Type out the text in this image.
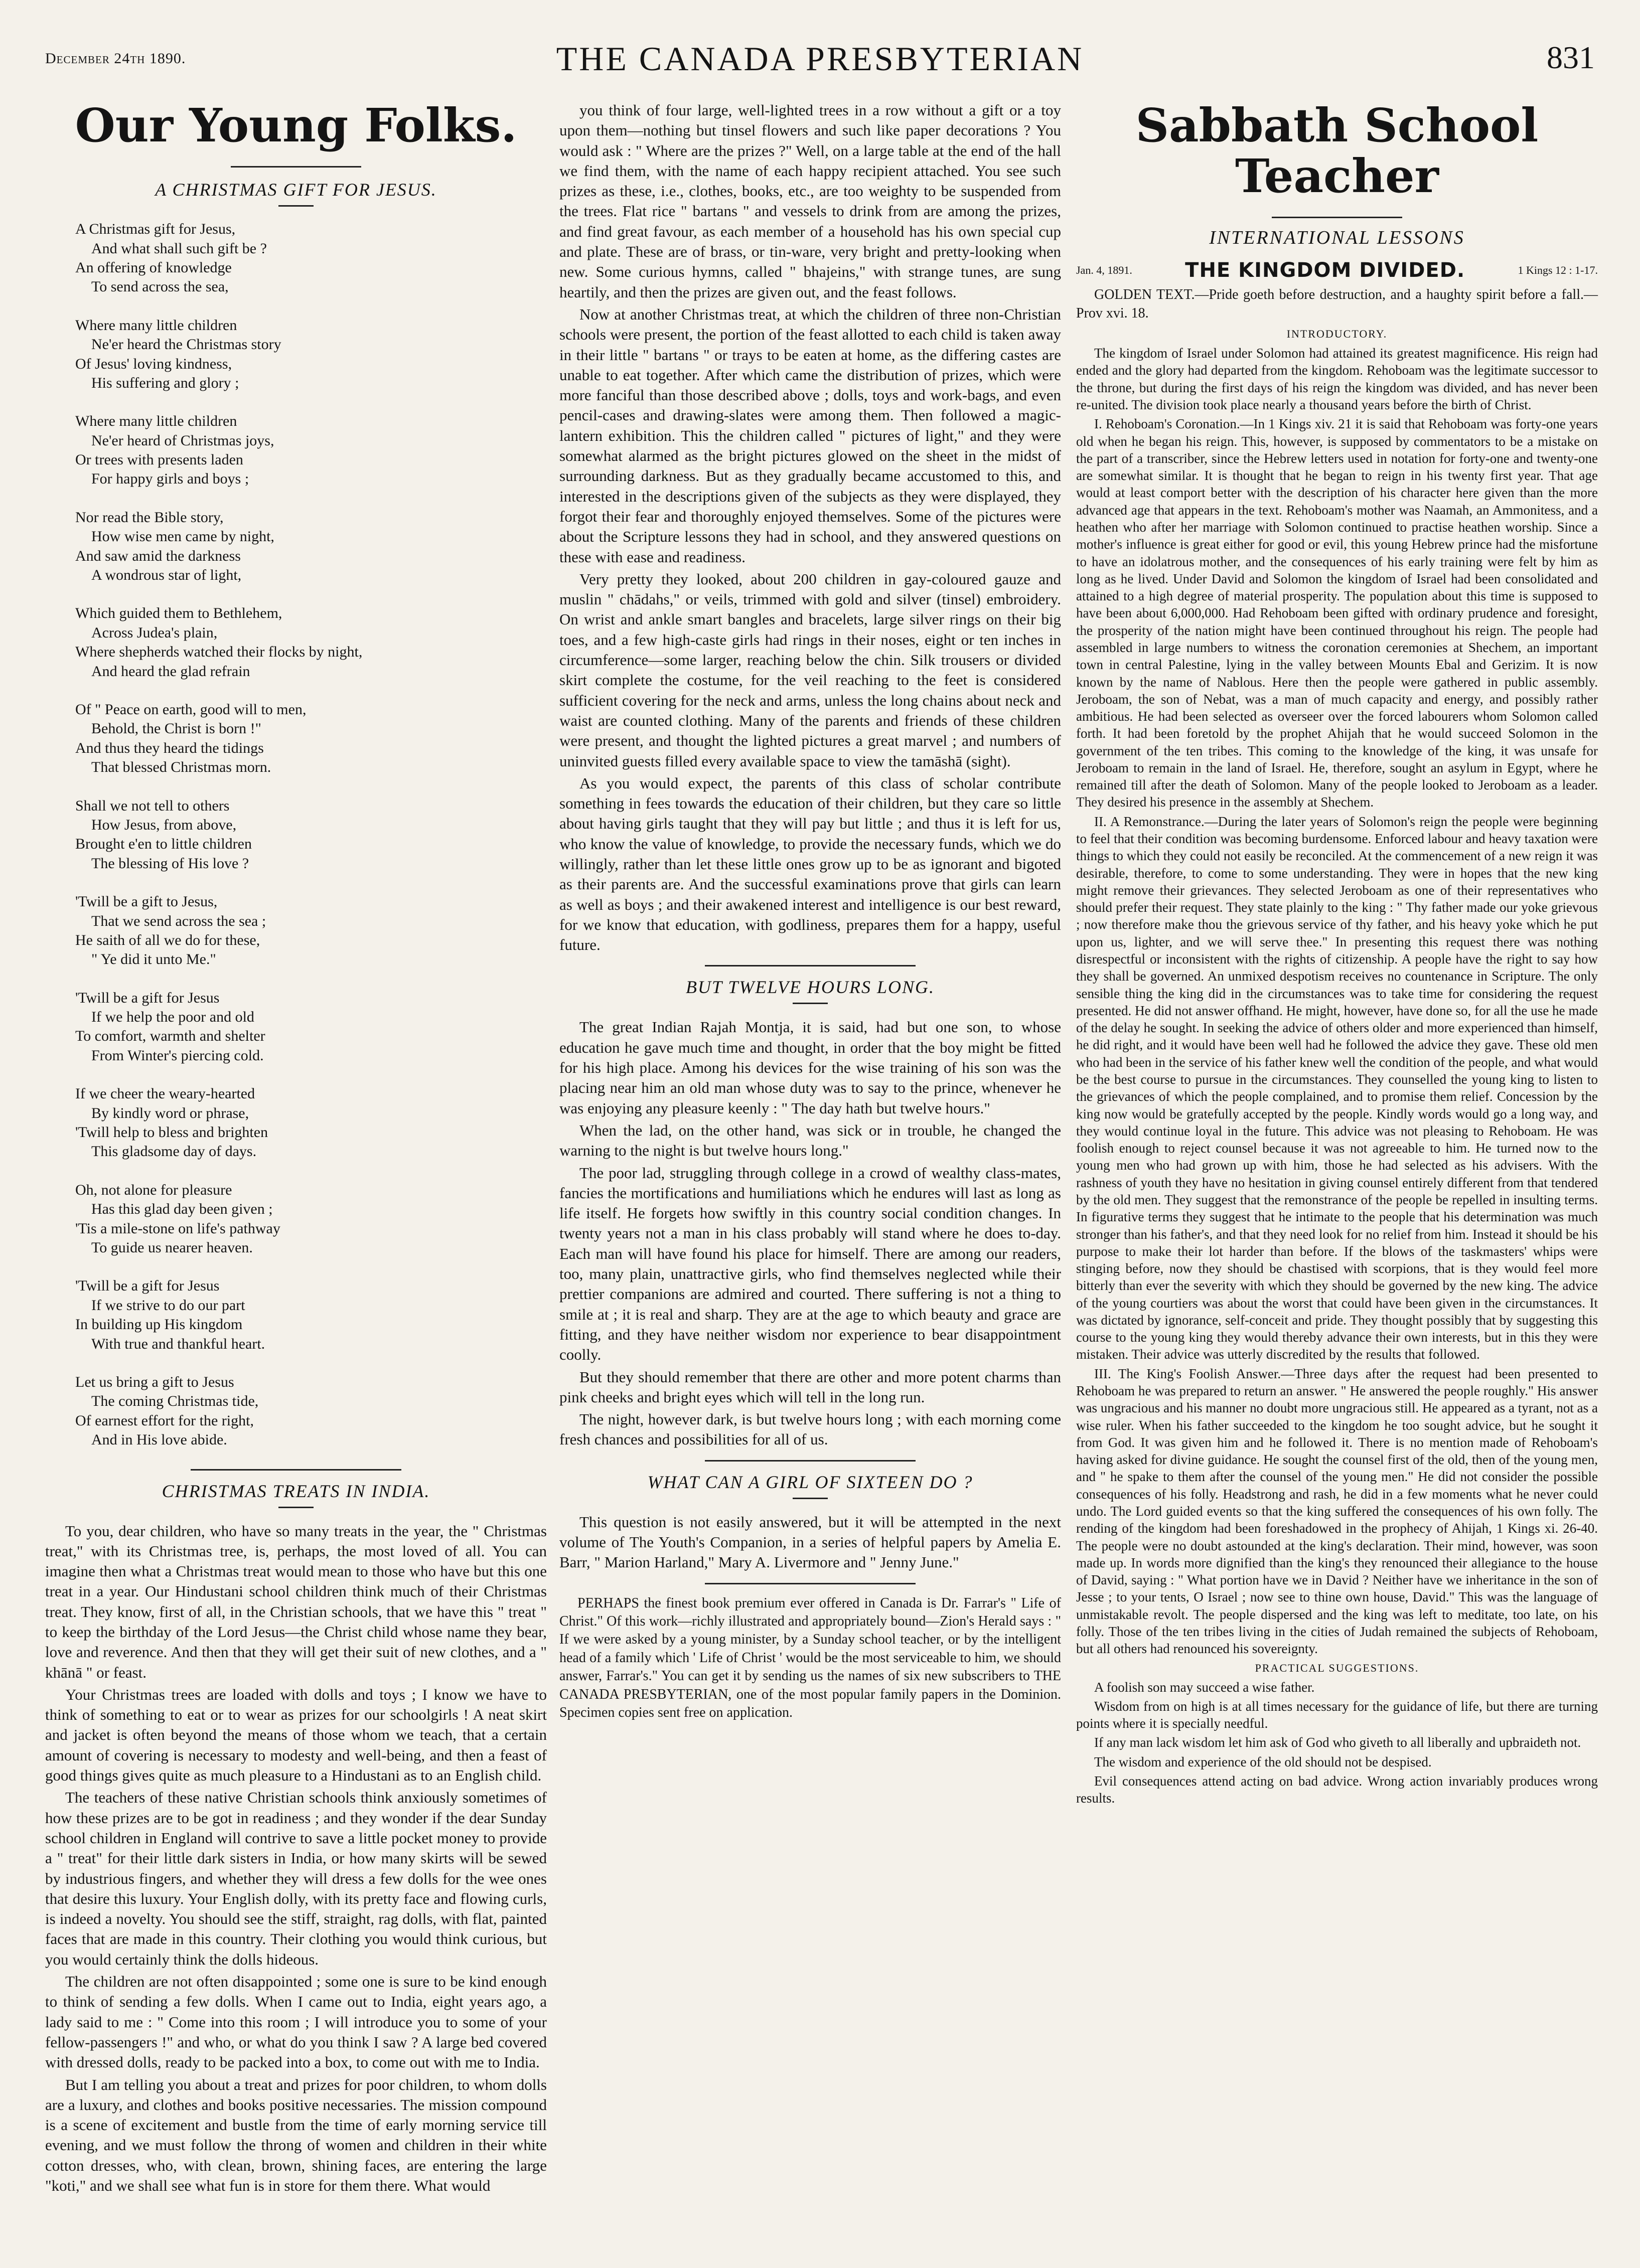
December 24th 1890.	THE CANADA PRESBYTERIAN	831
Our Young Folks.
A CHRISTMAS GIFT FOR JESUS.
A Christmas gift for Jesus,
And what shall such gift be ?
An offering of knowledge
To send across the sea,
Where many little children
Ne'er heard the Christmas story
Of Jesus' loving kindness,
His suffering and glory ;
Where many little children
Ne'er heard of Christmas joys,
Or trees with presents laden
For happy girls and boys ;
Nor read the Bible story,
How wise men came by night,
And saw amid the darkness
A wondrous star of light,
Which guided them to Bethlehem,
Across Judea's plain,
Where shepherds watched their flocks by night,
And heard the glad refrain
Of " Peace on earth, good will to men,
Behold, the Christ is born !"
And thus they heard the tidings
That blessed Christmas morn.
Shall we not tell to others
How Jesus, from above,
Brought e'en to little children
The blessing of His love ?
'Twill be a gift to Jesus,
That we send across the sea ;
He saith of all we do for these,
" Ye did it unto Me."
'Twill be a gift for Jesus
If we help the poor and old
To comfort, warmth and shelter
From Winter's piercing cold.
If we cheer the weary-hearted
By kindly word or phrase,
'Twill help to bless and brighten
This gladsome day of days.
Oh, not alone for pleasure
Has this glad day been given ;
'Tis a mile-stone on life's pathway
To guide us nearer heaven.
'Twill be a gift for Jesus
If we strive to do our part
In building up His kingdom
With true and thankful heart.
Let us bring a gift to Jesus
The coming Christmas tide,
Of earnest effort for the right,
And in His love abide.
CHRISTMAS TREATS IN INDIA.
To you, dear children, who have so many treats in the year, the " Christmas treat," with its Christmas tree, is, perhaps, the most loved of all. You can imagine then what a Christmas treat would mean to those who have but this one treat in a year. Our Hindustani school children think much of their Christmas treat. They know, first of all, in the Christian schools, that we have this " treat " to keep the birthday of the Lord Jesus—the Christ child whose name they bear, love and reverence. And then that they will get their suit of new clothes, and a " khānā " or feast.
Your Christmas trees are loaded with dolls and toys ; I know we have to think of something to eat or to wear as prizes for our schoolgirls ! A neat skirt and jacket is often beyond the means of those whom we teach, that a certain amount of covering is necessary to modesty and well-being, and then a feast of good things gives quite as much pleasure to a Hindustani as to an English child.
The teachers of these native Christian schools think anxiously sometimes of how these prizes are to be got in readiness ; and they wonder if the dear Sunday school children in England will contrive to save a little pocket money to provide a " treat" for their little dark sisters in India, or how many skirts will be sewed by industrious fingers, and whether they will dress a few dolls for the wee ones that desire this luxury. Your English dolly, with its pretty face and flowing curls, is indeed a novelty. You should see the stiff, straight, rag dolls, with flat, painted faces that are made in this country. Their clothing you would think curious, but you would certainly think the dolls hideous.
The children are not often disappointed ; some one is sure to be kind enough to think of sending a few dolls. When I came out to India, eight years ago, a lady said to me : " Come into this room ; I will introduce you to some of your fellow-passengers !" and who, or what do you think I saw ? A large bed covered with dressed dolls, ready to be packed into a box, to come out with me to India.
But I am telling you about a treat and prizes for poor children, to whom dolls are a luxury, and clothes and books positive necessaries. The mission compound is a scene of excitement and bustle from the time of early morning service till evening, and we must follow the throng of women and children in their white cotton dresses, who, with clean, brown, shining faces, are entering the large "koti," and we shall see what fun is in store for them there. What would
you think of four large, well-lighted trees in a row without a gift or a toy upon them—nothing but tinsel flowers and such like paper decorations ? You would ask : " Where are the prizes ?" Well, on a large table at the end of the hall we find them, with the name of each happy recipient attached. You see such prizes as these, i.e., clothes, books, etc., are too weighty to be suspended from the trees. Flat rice " bartans " and vessels to drink from are among the prizes, and find great favour, as each member of a household has his own special cup and plate. These are of brass, or tin-ware, very bright and pretty-looking when new. Some curious hymns, called " bhajeins," with strange tunes, are sung heartily, and then the prizes are given out, and the feast follows.
Now at another Christmas treat, at which the children of three non-Christian schools were present, the portion of the feast allotted to each child is taken away in their little " bartans " or trays to be eaten at home, as the differing castes are unable to eat together. After which came the distribution of prizes, which were more fanciful than those described above ; dolls, toys and work-bags, and even pencil-cases and drawing-slates were among them. Then followed a magic-lantern exhibition. This the children called " pictures of light," and they were somewhat alarmed as the bright pictures glowed on the sheet in the midst of surrounding darkness. But as they gradually became accustomed to this, and interested in the descriptions given of the subjects as they were displayed, they forgot their fear and thoroughly enjoyed themselves. Some of the pictures were about the Scripture lessons they had in school, and they answered questions on these with ease and readiness.
Very pretty they looked, about 200 children in gay-coloured gauze and muslin " chādahs," or veils, trimmed with gold and silver (tinsel) embroidery. On wrist and ankle smart bangles and bracelets, large silver rings on their big toes, and a few high-caste girls had rings in their noses, eight or ten inches in circumference—some larger, reaching below the chin. Silk trousers or divided skirt complete the costume, for the veil reaching to the feet is considered sufficient covering for the neck and arms, unless the long chains about neck and waist are counted clothing. Many of the parents and friends of these children were present, and thought the lighted pictures a great marvel ; and numbers of uninvited guests filled every available space to view the tamāshā (sight).
As you would expect, the parents of this class of scholar contribute something in fees towards the education of their children, but they care so little about having girls taught that they will pay but little ; and thus it is left for us, who know the value of knowledge, to provide the necessary funds, which we do willingly, rather than let these little ones grow up to be as ignorant and bigoted as their parents are. And the successful examinations prove that girls can learn as well as boys ; and their awakened interest and intelligence is our best reward, for we know that education, with godliness, prepares them for a happy, useful future.
BUT TWELVE HOURS LONG.
The great Indian Rajah Montja, it is said, had but one son, to whose education he gave much time and thought, in order that the boy might be fitted for his high place. Among his devices for the wise training of his son was the placing near him an old man whose duty was to say to the prince, whenever he was enjoying any pleasure keenly : " The day hath but twelve hours."
When the lad, on the other hand, was sick or in trouble, he changed the warning to the night is but twelve hours long."
The poor lad, struggling through college in a crowd of wealthy class-mates, fancies the mortifications and humiliations which he endures will last as long as life itself. He forgets how swiftly in this country social condition changes. In twenty years not a man in his class probably will stand where he does to-day. Each man will have found his place for himself. There are among our readers, too, many plain, unattractive girls, who find themselves neglected while their prettier companions are admired and courted. There suffering is not a thing to smile at ; it is real and sharp. They are at the age to which beauty and grace are fitting, and they have neither wisdom nor experience to bear disappointment coolly.
But they should remember that there are other and more potent charms than pink cheeks and bright eyes which will tell in the long run.
The night, however dark, is but twelve hours long ; with each morning come fresh chances and possibilities for all of us.
WHAT CAN A GIRL OF SIXTEEN DO ?
This question is not easily answered, but it will be attempted in the next volume of The Youth's Companion, in a series of helpful papers by Amelia E. Barr, " Marion Harland," Mary A. Livermore and " Jenny June."
PERHAPS the finest book premium ever offered in Canada is Dr. Farrar's " Life of Christ." Of this work—richly illustrated and appropriately bound—Zion's Herald says : " If we were asked by a young minister, by a Sunday school teacher, or by the intelligent head of a family which ' Life of Christ ' would be the most serviceable to him, we should answer, Farrar's." You can get it by sending us the names of six new subscribers to THE CANADA PRESBYTERIAN, one of the most popular family papers in the Dominion. Specimen copies sent free on application.
Sabbath School Teacher
INTERNATIONAL LESSONS
Jan. 4, 1891.	THE KINGDOM DIVIDED.	1 Kings 12 : 1-17.
GOLDEN TEXT.—Pride goeth before destruction, and a haughty spirit before a fall.—Prov xvi. 18.
INTRODUCTORY.
The kingdom of Israel under Solomon had attained its greatest magnificence. His reign had ended and the glory had departed from the kingdom. Rehoboam was the legitimate successor to the throne, but during the first days of his reign the kingdom was divided, and has never been re-united. The division took place nearly a thousand years before the birth of Christ.
I. Rehoboam's Coronation.—In 1 Kings xiv. 21 it is said that Rehoboam was forty-one years old when he began his reign. This, however, is supposed by commentators to be a mistake on the part of a transcriber, since the Hebrew letters used in notation for forty-one and twenty-one are somewhat similar. It is thought that he began to reign in his twenty first year. That age would at least comport better with the description of his character here given than the more advanced age that appears in the text. Rehoboam's mother was Naamah, an Ammonitess, and a heathen who after her marriage with Solomon continued to practise heathen worship. Since a mother's influence is great either for good or evil, this young Hebrew prince had the misfortune to have an idolatrous mother, and the consequences of his early training were felt by him as long as he lived. Under David and Solomon the kingdom of Israel had been consolidated and attained to a high degree of material prosperity. The population about this time is supposed to have been about 6,000,000. Had Rehoboam been gifted with ordinary prudence and foresight, the prosperity of the nation might have been continued throughout his reign. The people had assembled in large numbers to witness the coronation ceremonies at Shechem, an important town in central Palestine, lying in the valley between Mounts Ebal and Gerizim. It is now known by the name of Nablous. Here then the people were gathered in public assembly. Jeroboam, the son of Nebat, was a man of much capacity and energy, and possibly rather ambitious. He had been selected as overseer over the forced labourers whom Solomon called forth. It had been foretold by the prophet Ahijah that he would succeed Solomon in the government of the ten tribes. This coming to the knowledge of the king, it was unsafe for Jeroboam to remain in the land of Israel. He, therefore, sought an asylum in Egypt, where he remained till after the death of Solomon. Many of the people looked to Jeroboam as a leader. They desired his presence in the assembly at Shechem.
II. A Remonstrance.—During the later years of Solomon's reign the people were beginning to feel that their condition was becoming burdensome. Enforced labour and heavy taxation were things to which they could not easily be reconciled. At the commencement of a new reign it was desirable, therefore, to come to some understanding. They were in hopes that the new king might remove their grievances. They selected Jeroboam as one of their representatives who should prefer their request. They state plainly to the king : " Thy father made our yoke grievous ; now therefore make thou the grievous service of thy father, and his heavy yoke which he put upon us, lighter, and we will serve thee." In presenting this request there was nothing disrespectful or inconsistent with the rights of citizenship. A people have the right to say how they shall be governed. An unmixed despotism receives no countenance in Scripture. The only sensible thing the king did in the circumstances was to take time for considering the request presented. He did not answer offhand. He might, however, have done so, for all the use he made of the delay he sought. In seeking the advice of others older and more experienced than himself, he did right, and it would have been well had he followed the advice they gave. These old men who had been in the service of his father knew well the condition of the people, and what would be the best course to pursue in the circumstances. They counselled the young king to listen to the grievances of which the people complained, and to promise them relief. Concession by the king now would be gratefully accepted by the people. Kindly words would go a long way, and they would continue loyal in the future. This advice was not pleasing to Rehoboam. He was foolish enough to reject counsel because it was not agreeable to him. He turned now to the young men who had grown up with him, those he had selected as his advisers. With the rashness of youth they have no hesitation in giving counsel entirely different from that tendered by the old men. They suggest that the remonstrance of the people be repelled in insulting terms. In figurative terms they suggest that he intimate to the people that his determination was much stronger than his father's, and that they need look for no relief from him. Instead it should be his purpose to make their lot harder than before. If the blows of the taskmasters' whips were stinging before, now they should be chastised with scorpions, that is they would feel more bitterly than ever the severity with which they should be governed by the new king. The advice of the young courtiers was about the worst that could have been given in the circumstances. It was dictated by ignorance, self-conceit and pride. They thought possibly that by suggesting this course to the young king they would thereby advance their own interests, but in this they were mistaken. Their advice was utterly discredited by the results that followed.
III. The King's Foolish Answer.—Three days after the request had been presented to Rehoboam he was prepared to return an answer. " He answered the people roughly." His answer was ungracious and his manner no doubt more ungracious still. He appeared as a tyrant, not as a wise ruler. When his father succeeded to the kingdom he too sought advice, but he sought it from God. It was given him and he followed it. There is no mention made of Rehoboam's having asked for divine guidance. He sought the counsel first of the old, then of the young men, and " he spake to them after the counsel of the young men." He did not consider the possible consequences of his folly. Headstrong and rash, he did in a few moments what he never could undo. The Lord guided events so that the king suffered the consequences of his own folly. The rending of the kingdom had been foreshadowed in the prophecy of Ahijah, 1 Kings xi. 26-40. The people were no doubt astounded at the king's declaration. Their mind, however, was soon made up. In words more dignified than the king's they renounced their allegiance to the house of David, saying : " What portion have we in David ? Neither have we inheritance in the son of Jesse ; to your tents, O Israel ; now see to thine own house, David." This was the language of unmistakable revolt. The people dispersed and the king was left to meditate, too late, on his folly. Those of the ten tribes living in the cities of Judah remained the subjects of Rehoboam, but all others had renounced his sovereignty.
PRACTICAL SUGGESTIONS.
A foolish son may succeed a wise father.
Wisdom from on high is at all times necessary for the guidance of life, but there are turning points where it is specially needful.
If any man lack wisdom let him ask of God who giveth to all liberally and upbraideth not.
The wisdom and experience of the old should not be despised.
Evil consequences attend acting on bad advice. Wrong action invariably produces wrong results.
